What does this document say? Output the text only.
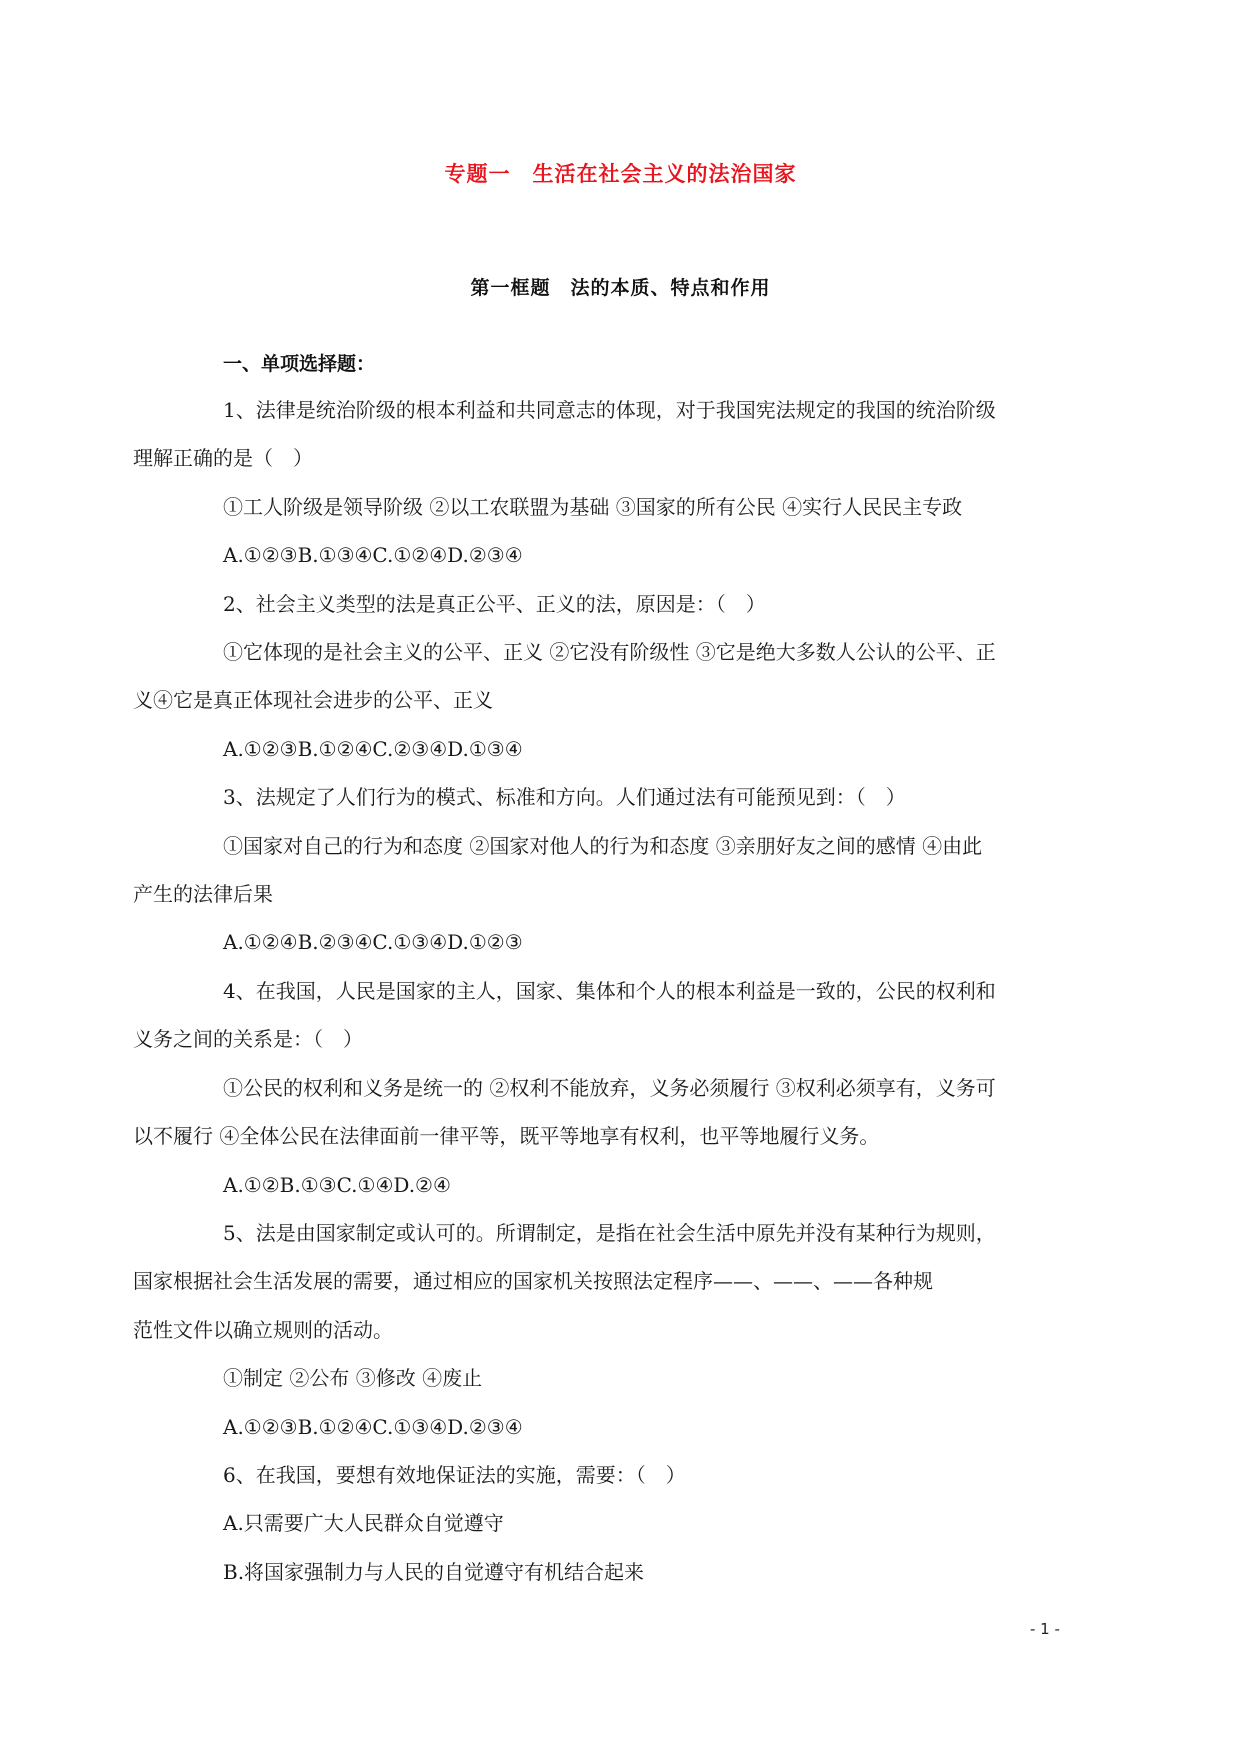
专题一　生活在社会主义的法治国家
第一框题　法的本质、特点和作用
一、单项选择题：
1、法律是统治阶级的根本利益和共同意志的体现，对于我国宪法规定的我国的统治阶级
理解正确的是（　）
①工人阶级是领导阶级 ②以工农联盟为基础 ③国家的所有公民 ④实行人民民主专政
A.①②③B.①③④C.①②④D.②③④
2、社会主义类型的法是真正公平、正义的法，原因是：（　）
①它体现的是社会主义的公平、正义 ②它没有阶级性 ③它是绝大多数人公认的公平、正
义④它是真正体现社会进步的公平、正义
A.①②③B.①②④C.②③④D.①③④
3、法规定了人们行为的模式、标准和方向。人们通过法有可能预见到：（　）
①国家对自己的行为和态度 ②国家对他人的行为和态度 ③亲朋好友之间的感情 ④由此
产生的法律后果
A.①②④B.②③④C.①③④D.①②③
4、在我国，人民是国家的主人，国家、集体和个人的根本利益是一致的，公民的权利和
义务之间的关系是：（　）
①公民的权利和义务是统一的 ②权利不能放弃，义务必须履行 ③权利必须享有，义务可
以不履行 ④全体公民在法律面前一律平等，既平等地享有权利，也平等地履行义务。
A.①②B.①③C.①④D.②④
5、法是由国家制定或认可的。所谓制定，是指在社会生活中原先并没有某种行为规则，
国家根据社会生活发展的需要，通过相应的国家机关按照法定程序——、——、——各种规
范性文件以确立规则的活动。
①制定 ②公布 ③修改 ④废止
A.①②③B.①②④C.①③④D.②③④
6、在我国，要想有效地保证法的实施，需要：（　）
A.只需要广大人民群众自觉遵守
B.将国家强制力与人民的自觉遵守有机结合起来
- 1 -
